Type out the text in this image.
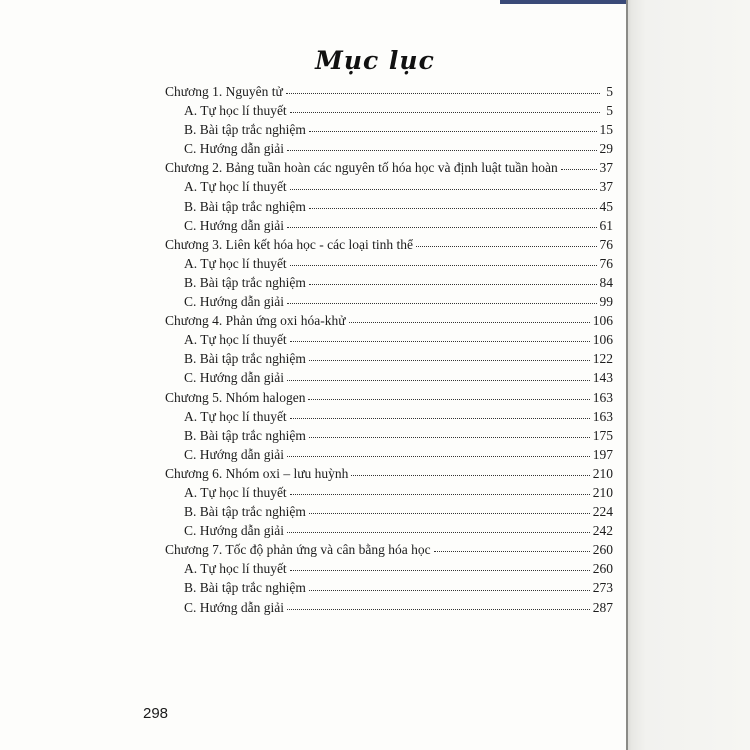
Mục lục
Chương 1. Nguyên tử	5
A. Tự học lí thuyết	5
B. Bài tập trắc nghiệm	15
C. Hướng dẫn giải	29
Chương 2. Bảng tuần hoàn các nguyên tố hóa học và định luật tuần hoàn	37
A. Tự học lí thuyết	37
B. Bài tập trắc nghiệm	45
C. Hướng dẫn giải	61
Chương 3. Liên kết hóa học - các loại tinh thể	76
A. Tự học lí thuyết	76
B. Bài tập trắc nghiệm	84
C. Hướng dẫn giải	99
Chương 4. Phản ứng oxi hóa-khử	106
A. Tự học lí thuyết	106
B. Bài tập trắc nghiệm	122
C. Hướng dẫn giải	143
Chương 5. Nhóm halogen	163
A. Tự học lí thuyết	163
B. Bài tập trắc nghiệm	175
C. Hướng dẫn giải	197
Chương 6. Nhóm oxi – lưu huỳnh	210
A. Tự học lí thuyết	210
B. Bài tập trắc nghiệm	224
C. Hướng dẫn giải	242
Chương 7. Tốc độ phản ứng và cân bằng hóa học	260
A. Tự học lí thuyết	260
B. Bài tập trắc nghiệm	273
C. Hướng dẫn giải	287
298
